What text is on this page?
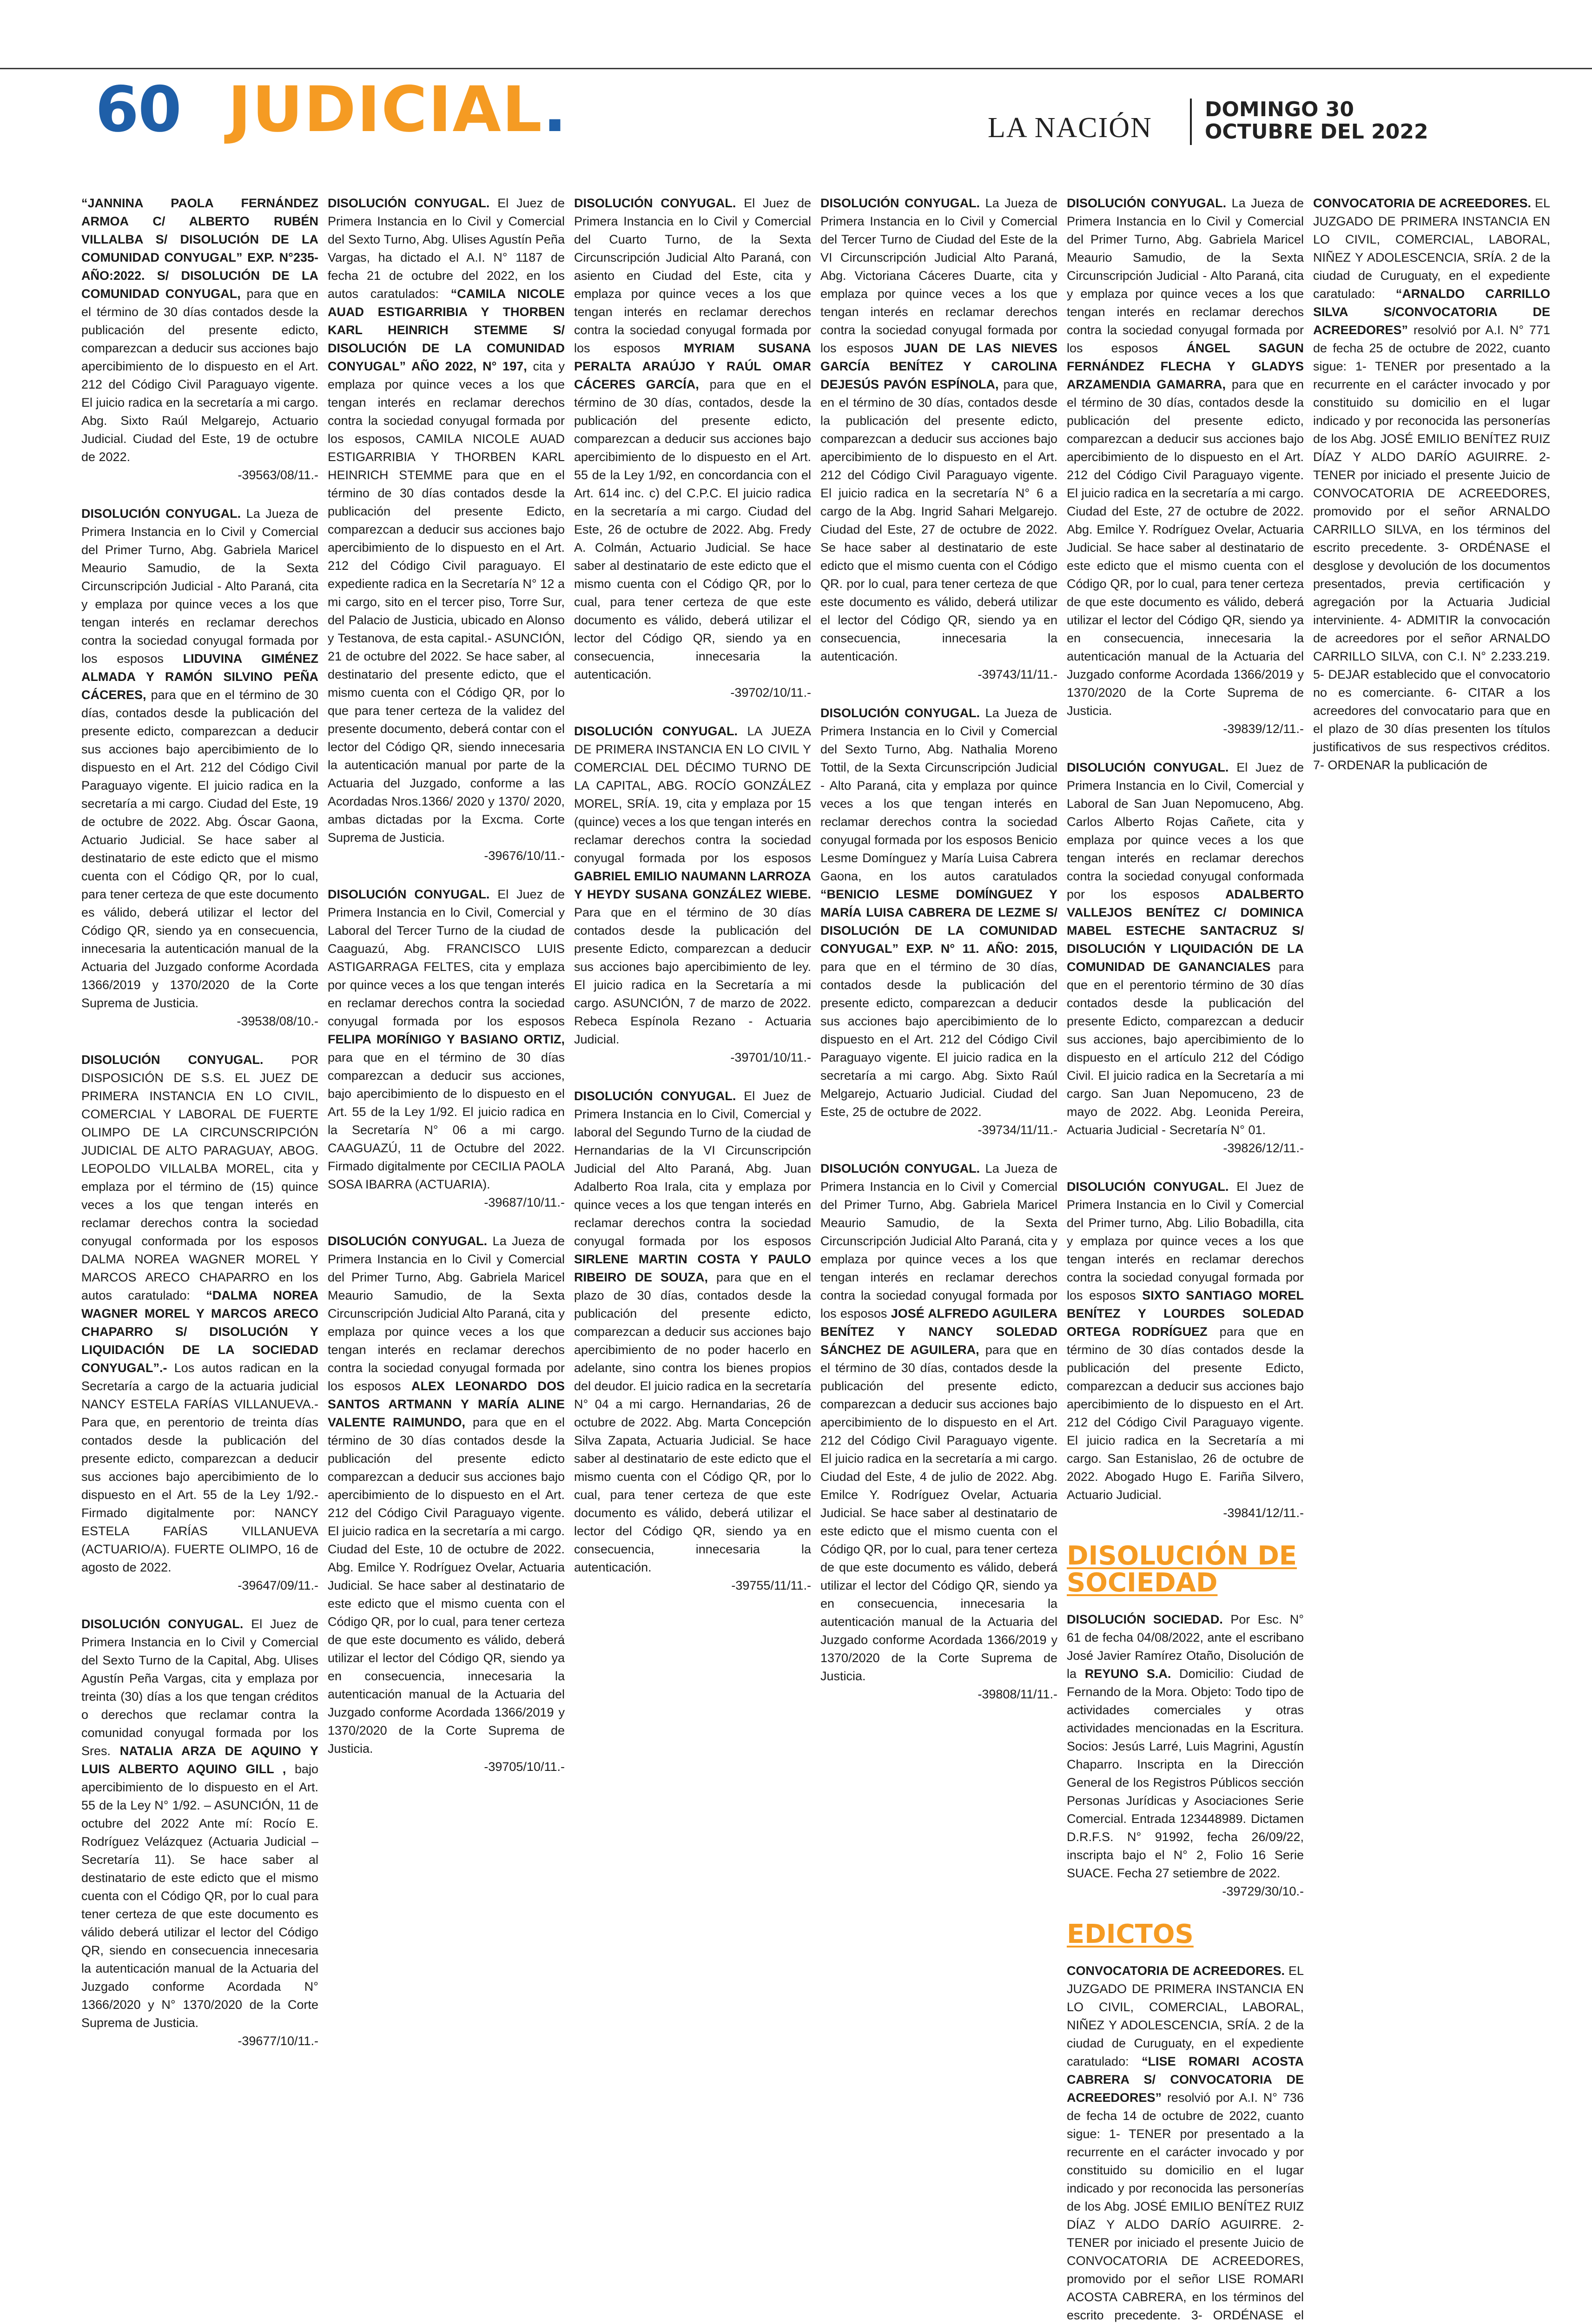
60 JUDICIAL.	LA NACIÓN
DOMINGO 30
OCTUBRE DEL 2022

“JANNINA PAOLA FERNÁNDEZ ARMOA C/ ALBERTO RUBÉN VILLALBA S/ DISOLUCIÓN DE LA COMUNIDAD CONYUGAL” EXP. N°235- AÑO:2022. S/ DISOLUCIÓN DE LA COMUNIDAD CONYUGAL, para que en el término de 30 días contados desde la publicación del presente edicto, comparezcan a deducir sus acciones bajo apercibimiento de lo dispuesto en el Art. 212 del Código Civil Paraguayo vigente. El juicio radica en la secretaría a mi cargo. Abg. Sixto Raúl Melgarejo, Actuario Judicial. Ciudad del Este, 19 de octubre de 2022.
-39563/08/11.-

DISOLUCIÓN CONYUGAL. La Jueza de Primera Instancia en lo Civil y Comercial del Primer Turno, Abg. Gabriela Maricel Meaurio Samudio, de la Sexta Circunscripción Judicial - Alto Paraná, cita y emplaza por quince veces a los que tengan interés en reclamar derechos contra la sociedad conyugal formada por los esposos LIDUVINA GIMÉNEZ ALMADA Y RAMÓN SILVINO PEÑA CÁCERES, para que en el término de 30 días, contados desde la publicación del presente edicto, comparezcan a deducir sus acciones bajo apercibimiento de lo dispuesto en el Art. 212 del Código Civil Paraguayo vigente. El juicio radica en la secretaría a mi cargo. Ciudad del Este, 19 de octubre de 2022. Abg. Óscar Gaona, Actuario Judicial. Se hace saber al destinatario de este edicto que el mismo cuenta con el Código QR, por lo cual, para tener certeza de que este documento es válido, deberá utilizar el lector del Código QR, siendo ya en consecuencia, innecesaria la autenticación manual de la Actuaria del Juzgado conforme Acordada 1366/2019 y 1370/2020 de la Corte Suprema de Justicia.
-39538/08/10.-

DISOLUCIÓN CONYUGAL. POR DISPOSICIÓN DE S.S. EL JUEZ DE PRIMERA INSTANCIA EN LO CIVIL, COMERCIAL Y LABORAL DE FUERTE OLIMPO DE LA CIRCUNSCRIPCIÓN JUDICIAL DE ALTO PARAGUAY, ABOG. LEOPOLDO VILLALBA MOREL, cita y emplaza por el término de (15) quince veces a los que tengan interés en reclamar derechos contra la sociedad conyugal conformada por los esposos DALMA NOREA WAGNER MOREL Y MARCOS ARECO CHAPARRO en los autos caratulado: “DALMA NOREA WAGNER MOREL Y MARCOS ARECO CHAPARRO S/ DISOLUCIÓN Y LIQUIDACIÓN DE LA SOCIEDAD CONYUGAL”.- Los autos radican en la Secretaría a cargo de la actuaria judicial NANCY ESTELA FARÍAS VILLANUEVA.- Para que, en perentorio de treinta días contados desde la publicación del presente edicto, comparezcan a deducir sus acciones bajo apercibimiento de lo dispuesto en el Art. 55 de la Ley 1/92.- Firmado digitalmente por: NANCY ESTELA FARÍAS VILLANUEVA (ACTUARIO/A). FUERTE OLIMPO, 16 de agosto de 2022.
-39647/09/11.-

DISOLUCIÓN CONYUGAL. El Juez de Primera Instancia en lo Civil y Comercial del Sexto Turno de la Capital, Abg. Ulises Agustín Peña Vargas, cita y emplaza por treinta (30) días a los que tengan créditos o derechos que reclamar contra la comunidad conyugal formada por los Sres. NATALIA ARZA DE AQUINO Y LUIS ALBERTO AQUINO GILL , bajo apercibimiento de lo dispuesto en el Art. 55 de la Ley N° 1/92. – ASUNCIÓN, 11 de octubre del 2022 Ante mí: Rocío E. Rodríguez Velázquez (Actuaria Judicial – Secretaría 11). Se hace saber al destinatario de este edicto que el mismo cuenta con el Código QR, por lo cual para tener certeza de que este documento es válido deberá utilizar el lector del Código QR, siendo en consecuencia innecesaria la autenticación manual de la Actuaria del Juzgado conforme Acordada N° 1366/2020 y N° 1370/2020 de la Corte Suprema de Justicia.
-39677/10/11.-

DISOLUCIÓN CONYUGAL. El Juez de Primera Instancia en lo Civil y Comercial del Sexto Turno, Abg. Ulises Agustín Peña Vargas, ha dictado el A.I. N° 1187 de fecha 21 de octubre del 2022, en los autos caratulados: “CAMILA NICOLE AUAD ESTIGARRIBIA Y THORBEN KARL HEINRICH STEMME S/ DISOLUCIÓN DE LA COMUNIDAD CONYUGAL” AÑO 2022, N° 197, cita y emplaza por quince veces a los que tengan interés en reclamar derechos contra la sociedad conyugal formada por los esposos, CAMILA NICOLE AUAD ESTIGARRIBIA Y THORBEN KARL HEINRICH STEMME para que en el término de 30 días contados desde la publicación del presente Edicto, comparezcan a deducir sus acciones bajo apercibimiento de lo dispuesto en el Art. 212 del Código Civil paraguayo. El expediente radica en la Secretaría N° 12 a mi cargo, sito en el tercer piso, Torre Sur, del Palacio de Justicia, ubicado en Alonso y Testanova, de esta capital.- ASUNCIÓN, 21 de octubre del 2022. Se hace saber, al destinatario del presente edicto, que el mismo cuenta con el Código QR, por lo que para tener certeza de la validez del presente documento, deberá contar con el lector del Código QR, siendo innecesaria la autenticación manual por parte de la Actuaria del Juzgado, conforme a las Acordadas Nros.1366/ 2020 y 1370/ 2020, ambas dictadas por la Excma. Corte Suprema de Justicia.
-39676/10/11.-

DISOLUCIÓN CONYUGAL. El Juez de Primera Instancia en lo Civil, Comercial y Laboral del Tercer Turno de la ciudad de Caaguazú, Abg. FRANCISCO LUIS ASTIGARRAGA FELTES, cita y emplaza por quince veces a los que tengan interés en reclamar derechos contra la sociedad conyugal formada por los esposos FELIPA MORÍNIGO Y BASIANO ORTIZ, para que en el término de 30 días comparezcan a deducir sus acciones, bajo apercibimiento de lo dispuesto en el Art. 55 de la Ley 1/92. El juicio radica en la Secretaría N° 06 a mi cargo. CAAGUAZÚ, 11 de Octubre del 2022. Firmado digitalmente por CECILIA PAOLA SOSA IBARRA (ACTUARIA).
-39687/10/11.-

DISOLUCIÓN CONYUGAL. La Jueza de Primera Instancia en lo Civil y Comercial del Primer Turno, Abg. Gabriela Maricel Meaurio Samudio, de la Sexta Circunscripción Judicial Alto Paraná, cita y emplaza por quince veces a los que tengan interés en reclamar derechos contra la sociedad conyugal formada por los esposos ALEX LEONARDO DOS SANTOS ARTMANN Y MARÍA ALINE VALENTE RAIMUNDO, para que en el término de 30 días contados desde la publicación del presente edicto comparezcan a deducir sus acciones bajo apercibimiento de lo dispuesto en el Art. 212 del Código Civil Paraguayo vigente. El juicio radica en la secretaría a mi cargo. Ciudad del Este, 10 de octubre de 2022. Abg. Emilce Y. Rodríguez Ovelar, Actuaria Judicial. Se hace saber al destinatario de este edicto que el mismo cuenta con el Código QR, por lo cual, para tener certeza de que este documento es válido, deberá utilizar el lector del Código QR, siendo ya en consecuencia, innecesaria la autenticación manual de la Actuaria del Juzgado conforme Acordada 1366/2019 y 1370/2020 de la Corte Suprema de Justicia.
-39705/10/11.-

DISOLUCIÓN CONYUGAL. El Juez de Primera Instancia en lo Civil y Comercial del Cuarto Turno, de la Sexta Circunscripción Judicial Alto Paraná, con asiento en Ciudad del Este, cita y emplaza por quince veces a los que tengan interés en reclamar derechos contra la sociedad conyugal formada por los esposos MYRIAM SUSANA PERALTA ARAÚJO Y RAÚL OMAR CÁCERES GARCÍA, para que en el término de 30 días, contados, desde la publicación del presente edicto, comparezcan a deducir sus acciones bajo apercibimiento de lo dispuesto en el Art. 55 de la Ley 1/92, en concordancia con el Art. 614 inc. c) del C.P.C. El juicio radica en la secretaría a mi cargo. Ciudad del Este, 26 de octubre de 2022. Abg. Fredy A. Colmán, Actuario Judicial. Se hace saber al destinatario de este edicto que el mismo cuenta con el Código QR, por lo cual, para tener certeza de que este documento es válido, deberá utilizar el lector del Código QR, siendo ya en consecuencia, innecesaria la autenticación.
-39702/10/11.-

DISOLUCIÓN CONYUGAL. LA JUEZA DE PRIMERA INSTANCIA EN LO CIVIL Y COMERCIAL DEL DÉCIMO TURNO DE LA CAPITAL, ABG. ROCÍO GONZÁLEZ MOREL, SRÍA. 19, cita y emplaza por 15 (quince) veces a los que tengan interés en reclamar derechos contra la sociedad conyugal formada por los esposos GABRIEL EMILIO NAUMANN LARROZA Y HEYDY SUSANA GONZÁLEZ WIEBE. Para que en el término de 30 días contados desde la publicación del presente Edicto, comparezcan a deducir sus acciones bajo apercibimiento de ley. El juicio radica en la Secretaría a mi cargo. ASUNCIÓN, 7 de marzo de 2022. Rebeca Espínola Rezano - Actuaria Judicial.
-39701/10/11.-

DISOLUCIÓN CONYUGAL. El Juez de Primera Instancia en lo Civil, Comercial y laboral del Segundo Turno de la ciudad de Hernandarias de la VI Circunscripción Judicial del Alto Paraná, Abg. Juan Adalberto Roa Irala, cita y emplaza por quince veces a los que tengan interés en reclamar derechos contra la sociedad conyugal formada por los esposos SIRLENE MARTIN COSTA Y PAULO RIBEIRO DE SOUZA, para que en el plazo de 30 días, contados desde la publicación del presente edicto, comparezcan a deducir sus acciones bajo apercibimiento de no poder hacerlo en adelante, sino contra los bienes propios del deudor. El juicio radica en la secretaría N° 04 a mi cargo. Hernandarias, 26 de octubre de 2022. Abg. Marta Concepción Silva Zapata, Actuaria Judicial. Se hace saber al destinatario de este edicto que el mismo cuenta con el Código QR, por lo cual, para tener certeza de que este documento es válido, deberá utilizar el lector del Código QR, siendo ya en consecuencia, innecesaria la autenticación.
-39755/11/11.-

DISOLUCIÓN CONYUGAL. La Jueza de Primera Instancia en lo Civil y Comercial del Tercer Turno de Ciudad del Este de la VI Circunscripción Judicial Alto Paraná, Abg. Victoriana Cáceres Duarte, cita y emplaza por quince veces a los que tengan interés en reclamar derechos contra la sociedad conyugal formada por los esposos JUAN DE LAS NIEVES GARCÍA BENÍTEZ Y CAROLINA DEJESÚS PAVÓN ESPÍNOLA, para que, en el término de 30 días, contados desde la publicación del presente edicto, comparezcan a deducir sus acciones bajo apercibimiento de lo dispuesto en el Art. 212 del Código Civil Paraguayo vigente. El juicio radica en la secretaría N° 6 a cargo de la Abg. Ingrid Sahari Melgarejo. Ciudad del Este, 27 de octubre de 2022. Se hace saber al destinatario de este edicto que el mismo cuenta con el Código QR. por lo cual, para tener certeza de que este documento es válido, deberá utilizar el lector del Código QR, siendo ya en consecuencia, innecesaria la autenticación.
-39743/11/11.-

DISOLUCIÓN CONYUGAL. La Jueza de Primera Instancia en lo Civil y Comercial del Sexto Turno, Abg. Nathalia Moreno Tottil, de la Sexta Circunscripción Judicial - Alto Paraná, cita y emplaza por quince veces a los que tengan interés en reclamar derechos contra la sociedad conyugal formada por los esposos Benicio Lesme Domínguez y María Luisa Cabrera Gaona, en los autos caratulados “BENICIO LESME DOMÍNGUEZ Y MARÍA LUISA CABRERA DE LEZME S/ DISOLUCIÓN DE LA COMUNIDAD CONYUGAL” EXP. N° 11. AÑO: 2015, para que en el término de 30 días, contados desde la publicación del presente edicto, comparezcan a deducir sus acciones bajo apercibimiento de lo dispuesto en el Art. 212 del Código Civil Paraguayo vigente. El juicio radica en la secretaría a mi cargo. Abg. Sixto Raúl Melgarejo, Actuario Judicial. Ciudad del Este, 25 de octubre de 2022.
-39734/11/11.-

DISOLUCIÓN CONYUGAL. La Jueza de Primera Instancia en lo Civil y Comercial del Primer Turno, Abg. Gabriela Maricel Meaurio Samudio, de la Sexta Circunscripción Judicial Alto Paraná, cita y emplaza por quince veces a los que tengan interés en reclamar derechos contra la sociedad conyugal formada por los esposos JOSÉ ALFREDO AGUILERA BENÍTEZ Y NANCY SOLEDAD SÁNCHEZ DE AGUILERA, para que en el término de 30 días, contados desde la publicación del presente edicto, comparezcan a deducir sus acciones bajo apercibimiento de lo dispuesto en el Art. 212 del Código Civil Paraguayo vigente. El juicio radica en la secretaría a mi cargo. Ciudad del Este, 4 de julio de 2022. Abg. Emilce Y. Rodríguez Ovelar, Actuaria Judicial. Se hace saber al destinatario de este edicto que el mismo cuenta con el Código QR, por lo cual, para tener certeza de que este documento es válido, deberá utilizar el lector del Código QR, siendo ya en consecuencia, innecesaria la autenticación manual de la Actuaria del Juzgado conforme Acordada 1366/2019 y 1370/2020 de la Corte Suprema de Justicia.
-39808/11/11.-

DISOLUCIÓN CONYUGAL. La Jueza de Primera Instancia en lo Civil y Comercial del Primer Turno, Abg. Gabriela Maricel Meaurio Samudio, de la Sexta Circunscripción Judicial - Alto Paraná, cita y emplaza por quince veces a los que tengan interés en reclamar derechos contra la sociedad conyugal formada por los esposos ÁNGEL SAGUN FERNÁNDEZ FLECHA Y GLADYS ARZAMENDIA GAMARRA, para que en el término de 30 días, contados desde la publicación del presente edicto, comparezcan a deducir sus acciones bajo apercibimiento de lo dispuesto en el Art. 212 del Código Civil Paraguayo vigente. El juicio radica en la secretaría a mi cargo. Ciudad del Este, 27 de octubre de 2022. Abg. Emilce Y. Rodríguez Ovelar, Actuaria Judicial. Se hace saber al destinatario de este edicto que el mismo cuenta con el Código QR, por lo cual, para tener certeza de que este documento es válido, deberá utilizar el lector del Código QR, siendo ya en consecuencia, innecesaria la autenticación manual de la Actuaria del Juzgado conforme Acordada 1366/2019 y 1370/2020 de la Corte Suprema de Justicia.
-39839/12/11.-

DISOLUCIÓN CONYUGAL. El Juez de Primera Instancia en lo Civil, Comercial y Laboral de San Juan Nepomuceno, Abg. Carlos Alberto Rojas Cañete, cita y emplaza por quince veces a los que tengan interés en reclamar derechos contra la sociedad conyugal conformada por los esposos ADALBERTO VALLEJOS BENÍTEZ C/ DOMINICA MABEL ESTECHE SANTACRUZ S/ DISOLUCIÓN Y LIQUIDACIÓN DE LA COMUNIDAD DE GANANCIALES para que en el perentorio término de 30 días contados desde la publicación del presente Edicto, comparezcan a deducir sus acciones, bajo apercibimiento de lo dispuesto en el artículo 212 del Código Civil. El juicio radica en la Secretaría a mi cargo. San Juan Nepomuceno, 23 de mayo de 2022. Abg. Leonida Pereira, Actuaria Judicial - Secretaría N° 01.
-39826/12/11.-

DISOLUCIÓN CONYUGAL. El Juez de Primera Instancia en lo Civil y Comercial del Primer turno, Abg. Lilio Bobadilla, cita y emplaza por quince veces a los que tengan interés en reclamar derechos contra la sociedad conyugal formada por los esposos SIXTO SANTIAGO MOREL BENÍTEZ Y LOURDES SOLEDAD ORTEGA RODRÍGUEZ para que en término de 30 días contados desde la publicación del presente Edicto, comparezcan a deducir sus acciones bajo apercibimiento de lo dispuesto en el Art. 212 del Código Civil Paraguayo vigente. El juicio radica en la Secretaría a mi cargo. San Estanislao, 26 de octubre de 2022. Abogado Hugo E. Fariña Silvero, Actuario Judicial.
-39841/12/11.-

DISOLUCIÓN DE SOCIEDAD

DISOLUCIÓN SOCIEDAD. Por Esc. N° 61 de fecha 04/08/2022, ante el escribano José Javier Ramírez Otaño, Disolución de la REYUNO S.A. Domicilio: Ciudad de Fernando de la Mora. Objeto: Todo tipo de actividades comerciales y otras actividades mencionadas en la Escritura. Socios: Jesús Larré, Luis Magrini, Agustín Chaparro. Inscripta en la Dirección General de los Registros Públicos sección Personas Jurídicas y Asociaciones Serie Comercial. Entrada 123448989. Dictamen D.R.F.S. N° 91992, fecha 26/09/22, inscripta bajo el N° 2, Folio 16 Serie SUACE. Fecha 27 setiembre de 2022.
-39729/30/10.-

EDICTOS

CONVOCATORIA DE ACREEDORES. EL JUZGADO DE PRIMERA INSTANCIA EN LO CIVIL, COMERCIAL, LABORAL, NIÑEZ Y ADOLESCENCIA, SRÍA. 2 de la ciudad de Curuguaty, en el expediente caratulado: “LISE ROMARI ACOSTA CABRERA S/ CONVOCATORIA DE ACREEDORES” resolvió por A.I. N° 736 de fecha 14 de octubre de 2022, cuanto sigue: 1- TENER por presentado a la recurrente en el carácter invocado y por constituido su domicilio en el lugar indicado y por reconocida las personerías de los Abg. JOSÉ EMILIO BENÍTEZ RUIZ DÍAZ Y ALDO DARÍO AGUIRRE. 2- TENER por iniciado el presente Juicio de CONVOCATORIA DE ACREEDORES, promovido por el señor LISE ROMARI ACOSTA CABRERA, en los términos del escrito precedente. 3- ORDÉNASE el

CONVOCATORIA DE ACREEDORES. EL JUZGADO DE PRIMERA INSTANCIA EN LO CIVIL, COMERCIAL, LABORAL, NIÑEZ Y ADOLESCENCIA, SRÍA. 2 de la ciudad de Curuguaty, en el expediente caratulado: “ARNALDO CARRILLO SILVA S/CONVOCATORIA DE ACREEDORES” resolvió por A.I. N° 771 de fecha 25 de octubre de 2022, cuanto sigue: 1- TENER por presentado a la recurrente en el carácter invocado y por constituido su domicilio en el lugar indicado y por reconocida las personerías de los Abg. JOSÉ EMILIO BENÍTEZ RUIZ DÍAZ Y ALDO DARÍO AGUIRRE. 2- TENER por iniciado el presente Juicio de CONVOCATORIA DE ACREEDORES, promovido por el señor ARNALDO CARRILLO SILVA, en los términos del escrito precedente. 3- ORDÉNASE el desglose y devolución de los documentos presentados, previa certificación y agregación por la Actuaria Judicial interviniente. 4- ADMITIR la convocación de acreedores por el señor ARNALDO CARRILLO SILVA, con C.I. N° 2.233.219. 5- DEJAR establecido que el convocatorio no es comerciante. 6- CITAR a los acreedores del convocatario para que en el plazo de 30 días presenten los títulos justificativos de sus respectivos créditos. 7- ORDENAR la publicación de
